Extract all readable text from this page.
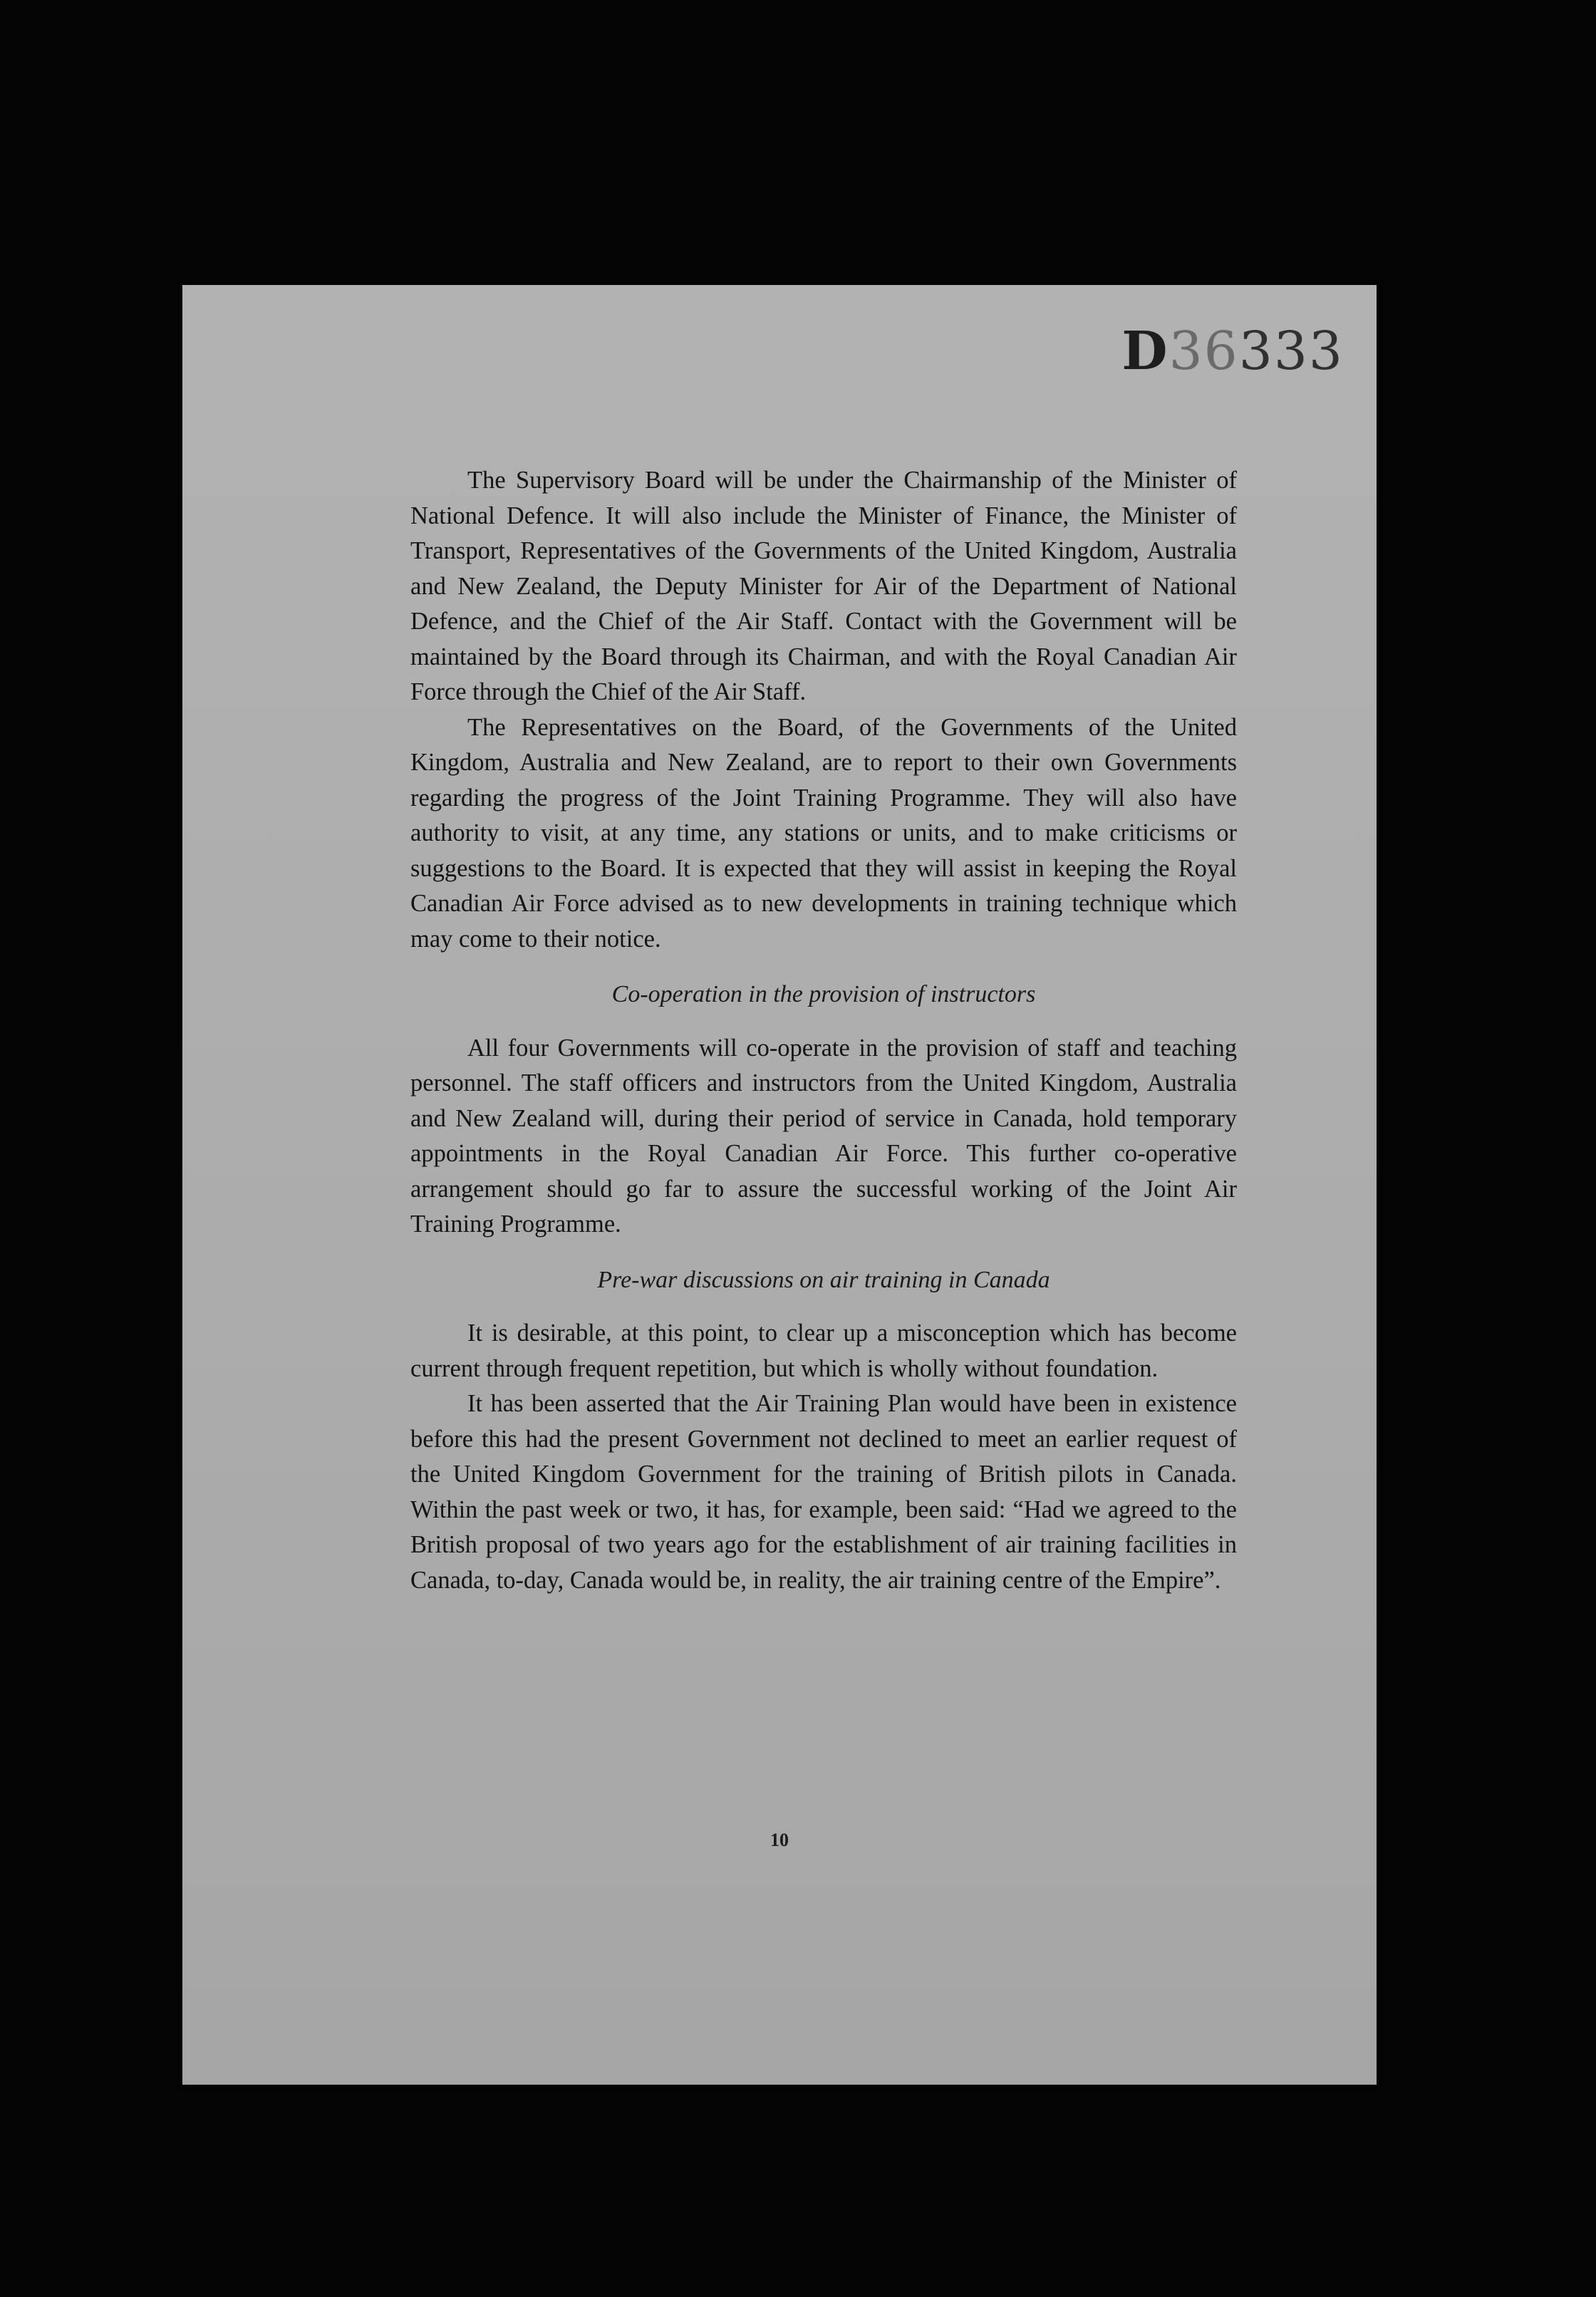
D36333

The Supervisory Board will be under the Chairmanship of the Minister of National Defence. It will also include the Minister of Finance, the Minister of Transport, Representatives of the Governments of the United Kingdom, Australia and New Zealand, the Deputy Minister for Air of the Department of National Defence, and the Chief of the Air Staff. Contact with the Government will be maintained by the Board through its Chairman, and with the Royal Canadian Air Force through the Chief of the Air Staff.

The Representatives on the Board, of the Governments of the United Kingdom, Australia and New Zealand, are to report to their own Governments regarding the progress of the Joint Training Programme. They will also have authority to visit, at any time, any stations or units, and to make criticisms or suggestions to the Board. It is expected that they will assist in keeping the Royal Canadian Air Force advised as to new developments in training technique which may come to their notice.

Co-operation in the provision of instructors

All four Governments will co-operate in the provision of staff and teaching personnel. The staff officers and instructors from the United Kingdom, Australia and New Zealand will, during their period of service in Canada, hold temporary appointments in the Royal Canadian Air Force. This further co-operative arrangement should go far to assure the successful working of the Joint Air Training Programme.

Pre-war discussions on air training in Canada

It is desirable, at this point, to clear up a misconception which has become current through frequent repetition, but which is wholly without foundation.

It has been asserted that the Air Training Plan would have been in existence before this had the present Government not declined to meet an earlier request of the United Kingdom Government for the training of British pilots in Canada. Within the past week or two, it has, for example, been said: “Had we agreed to the British proposal of two years ago for the establishment of air training facilities in Canada, to-day, Canada would be, in reality, the air training centre of the Empire”.

10
